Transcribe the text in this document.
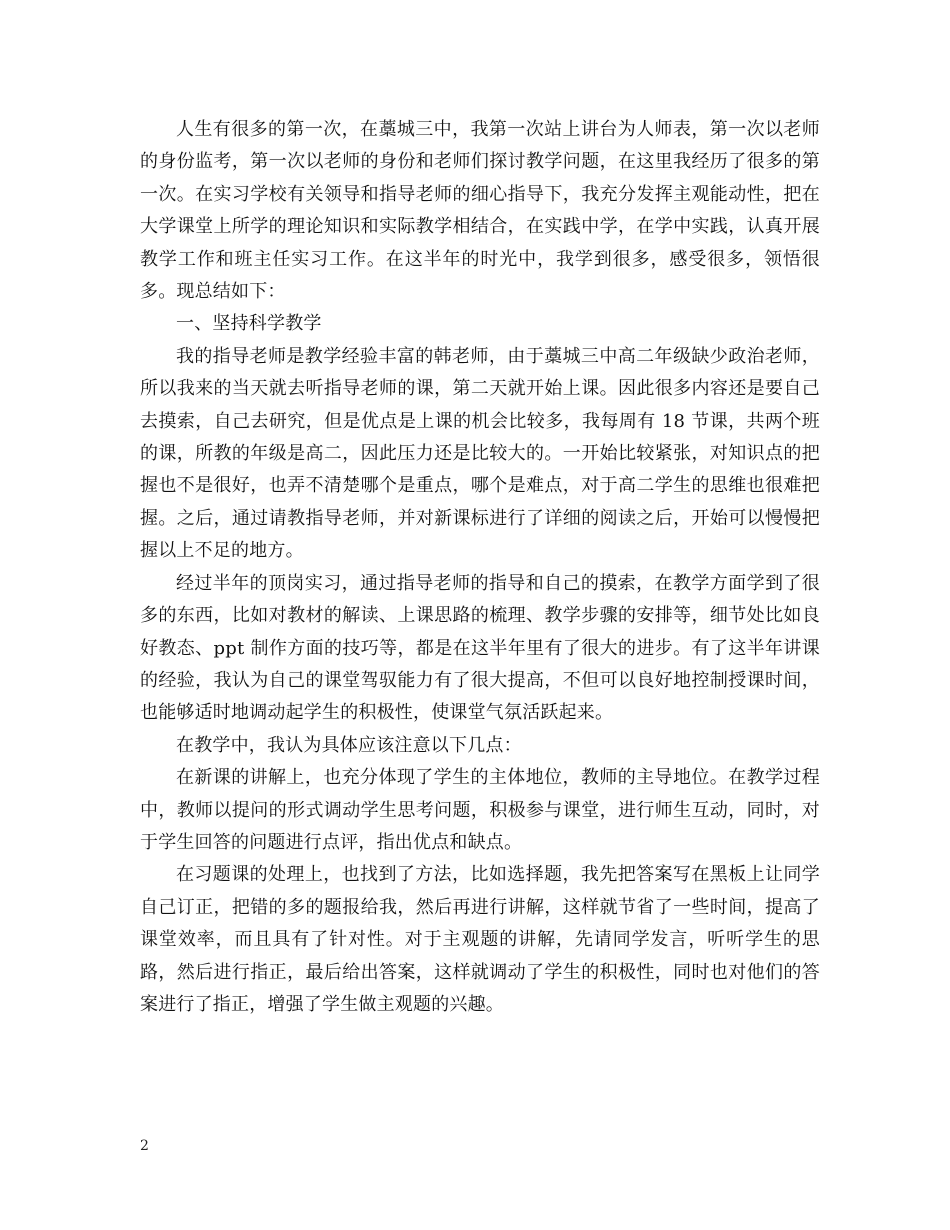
人生有很多的第一次，在藁城三中，我第一次站上讲台为人师表，第一次以老师的身份监考，第一次以老师的身份和老师们探讨教学问题，在这里我经历了很多的第一次。在实习学校有关领导和指导老师的细心指导下，我充分发挥主观能动性，把在大学课堂上所学的理论知识和实际教学相结合，在实践中学，在学中实践，认真开展教学工作和班主任实习工作。在这半年的时光中，我学到很多，感受很多，领悟很多。现总结如下：

一、坚持科学教学

我的指导老师是教学经验丰富的韩老师，由于藁城三中高二年级缺少政治老师，所以我来的当天就去听指导老师的课，第二天就开始上课。因此很多内容还是要自己去摸索，自己去研究，但是优点是上课的机会比较多，我每周有 18 节课，共两个班的课，所教的年级是高二，因此压力还是比较大的。一开始比较紧张，对知识点的把握也不是很好，也弄不清楚哪个是重点，哪个是难点，对于高二学生的思维也很难把握。之后，通过请教指导老师，并对新课标进行了详细的阅读之后，开始可以慢慢把握以上不足的地方。

经过半年的顶岗实习，通过指导老师的指导和自己的摸索，在教学方面学到了很多的东西，比如对教材的解读、上课思路的梳理、教学步骤的安排等，细节处比如良好教态、ppt 制作方面的技巧等，都是在这半年里有了很大的进步。有了这半年讲课的经验，我认为自己的课堂驾驭能力有了很大提高，不但可以良好地控制授课时间，也能够适时地调动起学生的积极性，使课堂气氛活跃起来。

在教学中，我认为具体应该注意以下几点：

在新课的讲解上，也充分体现了学生的主体地位，教师的主导地位。在教学过程中，教师以提问的形式调动学生思考问题，积极参与课堂，进行师生互动，同时，对于学生回答的问题进行点评，指出优点和缺点。

在习题课的处理上，也找到了方法，比如选择题，我先把答案写在黑板上让同学自己订正，把错的多的题报给我，然后再进行讲解，这样就节省了一些时间，提高了课堂效率，而且具有了针对性。对于主观题的讲解，先请同学发言，听听学生的思路，然后进行指正，最后给出答案，这样就调动了学生的积极性，同时也对他们的答案进行了指正，增强了学生做主观题的兴趣。

2
